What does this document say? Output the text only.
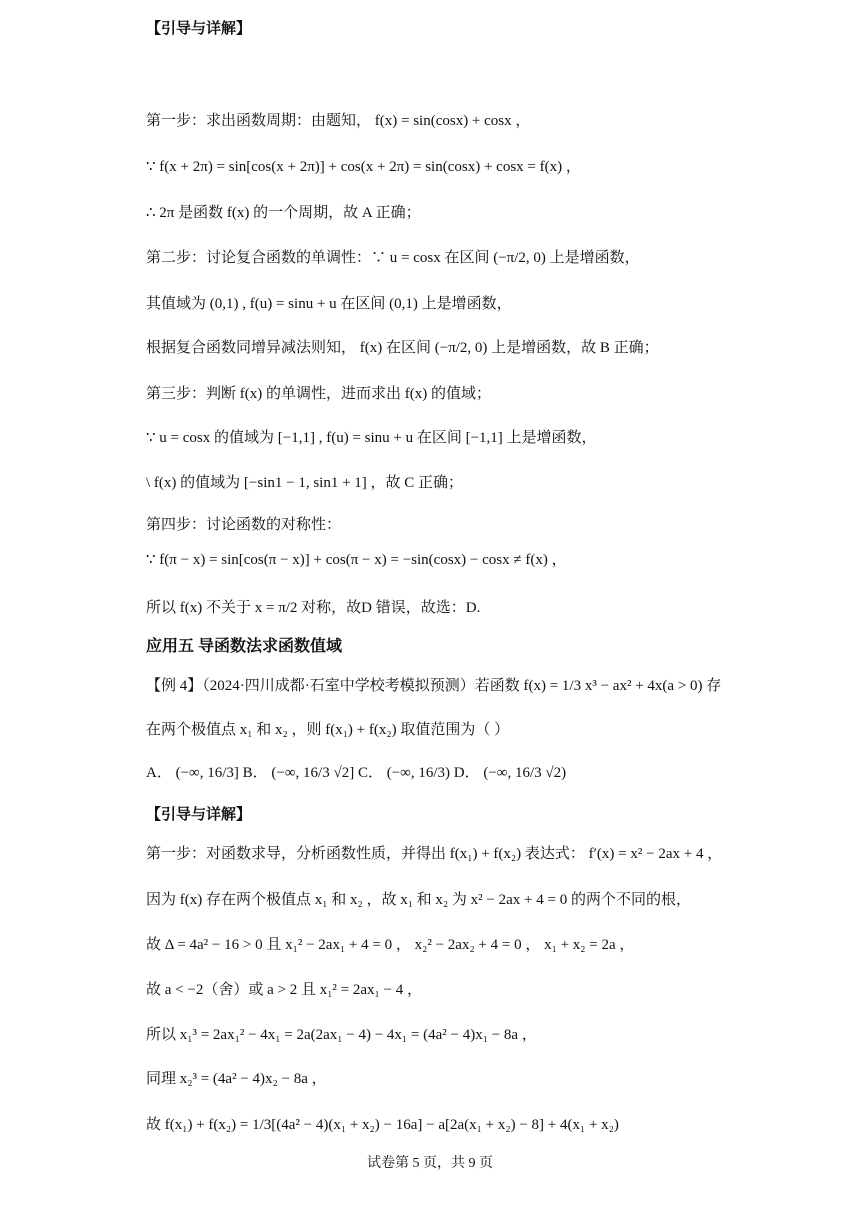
【引导与详解】
第一步：求出函数周期：由题知， f(x) = sin(cosx) + cosx ，
∵ f(x + 2π) = sin[cos(x + 2π)] + cos(x + 2π) = sin(cosx) + cosx = f(x) ，
∴ 2π 是函数 f(x) 的一个周期，故 A 正确；
第二步：讨论复合函数的单调性：∵ u = cosx 在区间 (−π/2, 0) 上是增函数，
其值域为 (0,1) , f(u) = sinu + u 在区间 (0,1) 上是增函数，
根据复合函数同增异减法则知， f(x) 在区间 (−π/2, 0) 上是增函数，故 B 正确；
第三步：判断 f(x) 的单调性，进而求出 f(x) 的值域；
∵ u = cosx 的值域为 [−1,1] , f(u) = sinu + u 在区间 [−1,1] 上是增函数，
\ f(x) 的值域为 [−sin1 − 1, sin1 + 1] ，故 C 正确；
第四步：讨论函数的对称性：
∵ f(π − x) = sin[cos(π − x)] + cos(π − x) = −sin(cosx) − cosx ≠ f(x) ，
所以 f(x) 不关于 x = π/2 对称，故D 错误，故选：D.
应用五 导函数法求函数值域
【例 4】（2024·四川成都·石室中学校考模拟预测）若函数 f(x) = 1/3 x³ − ax² + 4x(a > 0) 存
在两个极值点 x₁ 和 x₂ ，则 f(x₁) + f(x₂) 取值范围为（ ）
A． (−∞, 16/3] B． (−∞, 16/3 √2] C． (−∞, 16/3) D． (−∞, 16/3 √2)
【引导与详解】
第一步：对函数求导，分析函数性质，并得出 f(x₁) + f(x₂) 表达式： f′(x) = x² − 2ax + 4 ，
因为 f(x) 存在两个极值点 x₁ 和 x₂ ，故 x₁ 和 x₂ 为 x² − 2ax + 4 = 0 的两个不同的根，
故 Δ = 4a² − 16 > 0 且 x₁² − 2ax₁ + 4 = 0 ， x₂² − 2ax₂ + 4 = 0 ， x₁ + x₂ = 2a ，
故 a < −2（舍）或 a > 2 且 x₁² = 2ax₁ − 4 ，
所以 x₁³ = 2ax₁² − 4x₁ = 2a(2ax₁ − 4) − 4x₁ = (4a² − 4)x₁ − 8a ，
同理 x₂³ = (4a² − 4)x₂ − 8a ，
故 f(x₁) + f(x₂) = 1/3[(4a² − 4)(x₁ + x₂) − 16a] − a[2a(x₁ + x₂) − 8] + 4(x₁ + x₂)
试卷第 5 页，共 9 页
